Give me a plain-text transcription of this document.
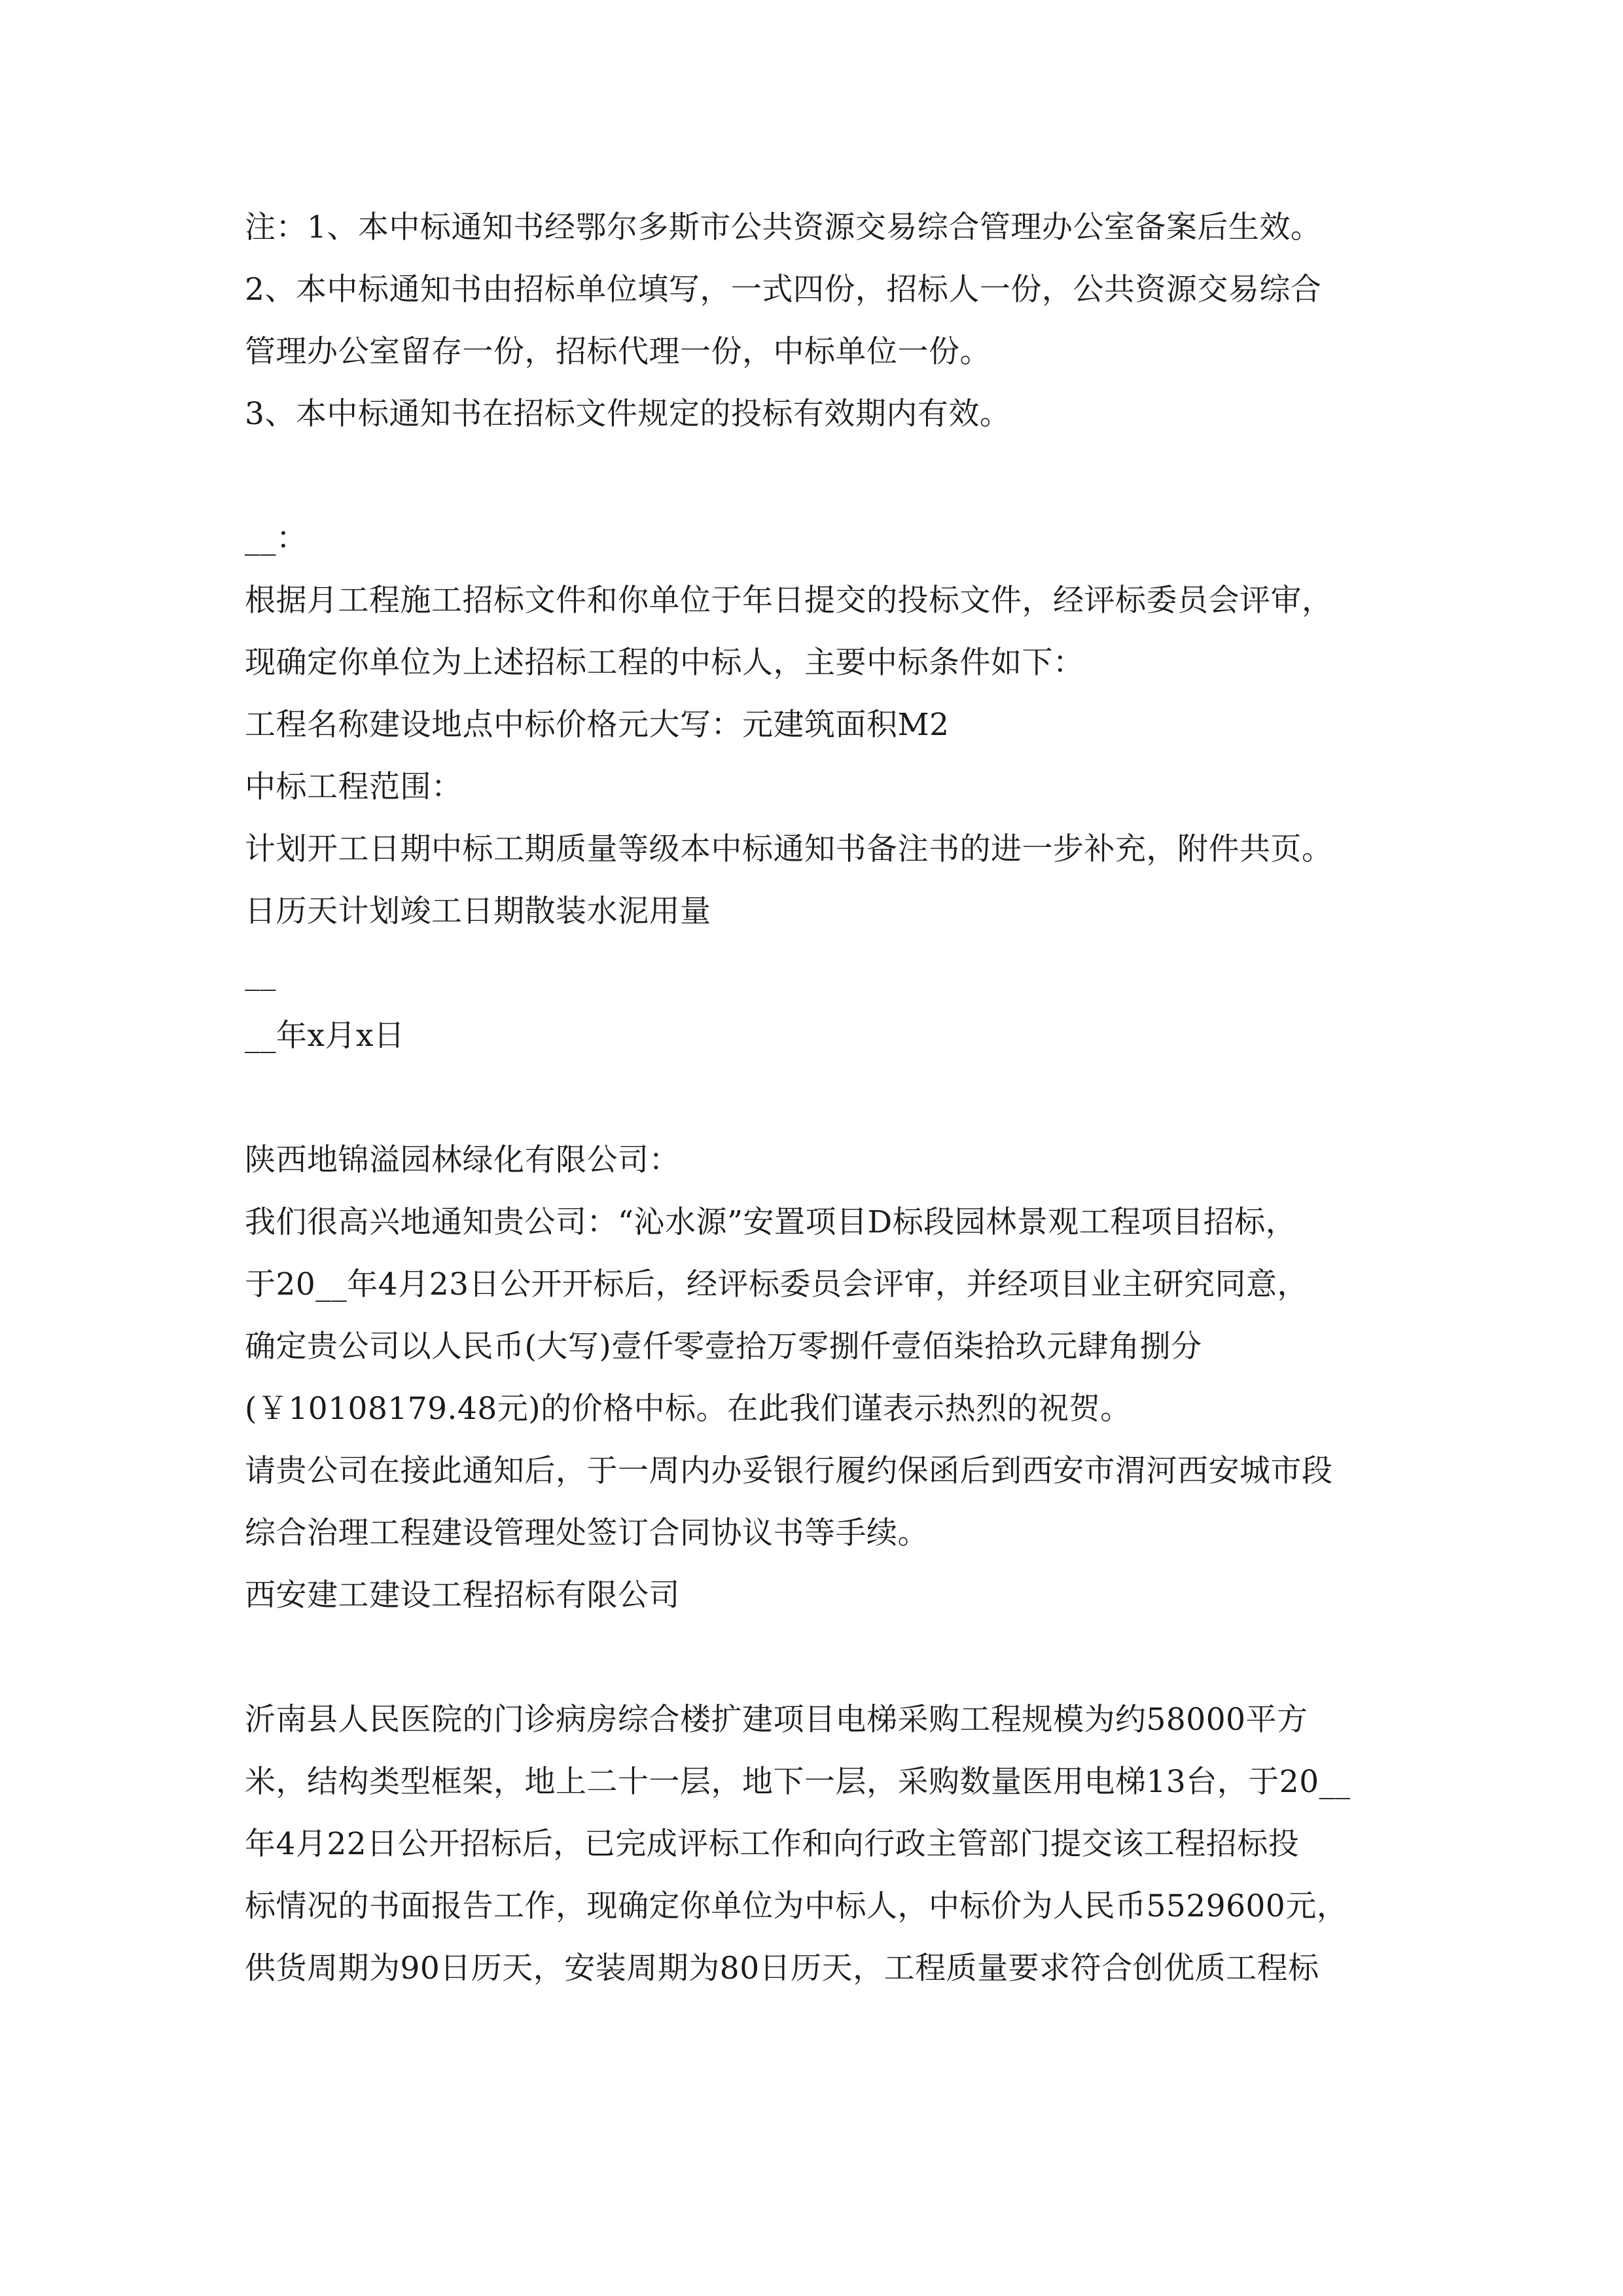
注：1、本中标通知书经鄂尔多斯市公共资源交易综合管理办公室备案后生效。
2、本中标通知书由招标单位填写，一式四份，招标人一份，公共资源交易综合
管理办公室留存一份，招标代理一份，中标单位一份。
3、本中标通知书在招标文件规定的投标有效期内有效。
__：
根据月工程施工招标文件和你单位于年日提交的投标文件，经评标委员会评审，
现确定你单位为上述招标工程的中标人，主要中标条件如下：
工程名称建设地点中标价格元大写：元建筑面积M2
中标工程范围：
计划开工日期中标工期质量等级本中标通知书备注书的进一步补充，附件共页。
日历天计划竣工日期散装水泥用量
__
__年x月x日
陕西地锦溢园林绿化有限公司：
我们很高兴地通知贵公司：“沁水源”安置项目D标段园林景观工程项目招标，
于20__年4月23日公开开标后，经评标委员会评审，并经项目业主研究同意，
确定贵公司以人民币(大写)壹仟零壹拾万零捌仟壹佰柒拾玖元肆角捌分
(￥10108179.48元)的价格中标。在此我们谨表示热烈的祝贺。
请贵公司在接此通知后，于一周内办妥银行履约保函后到西安市渭河西安城市段
综合治理工程建设管理处签订合同协议书等手续。
西安建工建设工程招标有限公司
沂南县人民医院的门诊病房综合楼扩建项目电梯采购工程规模为约58000平方
米，结构类型框架，地上二十一层，地下一层，采购数量医用电梯13台，于20__
年4月22日公开招标后，已完成评标工作和向行政主管部门提交该工程招标投
标情况的书面报告工作，现确定你单位为中标人，中标价为人民币5529600元，
供货周期为90日历天，安装周期为80日历天，工程质量要求符合创优质工程标
